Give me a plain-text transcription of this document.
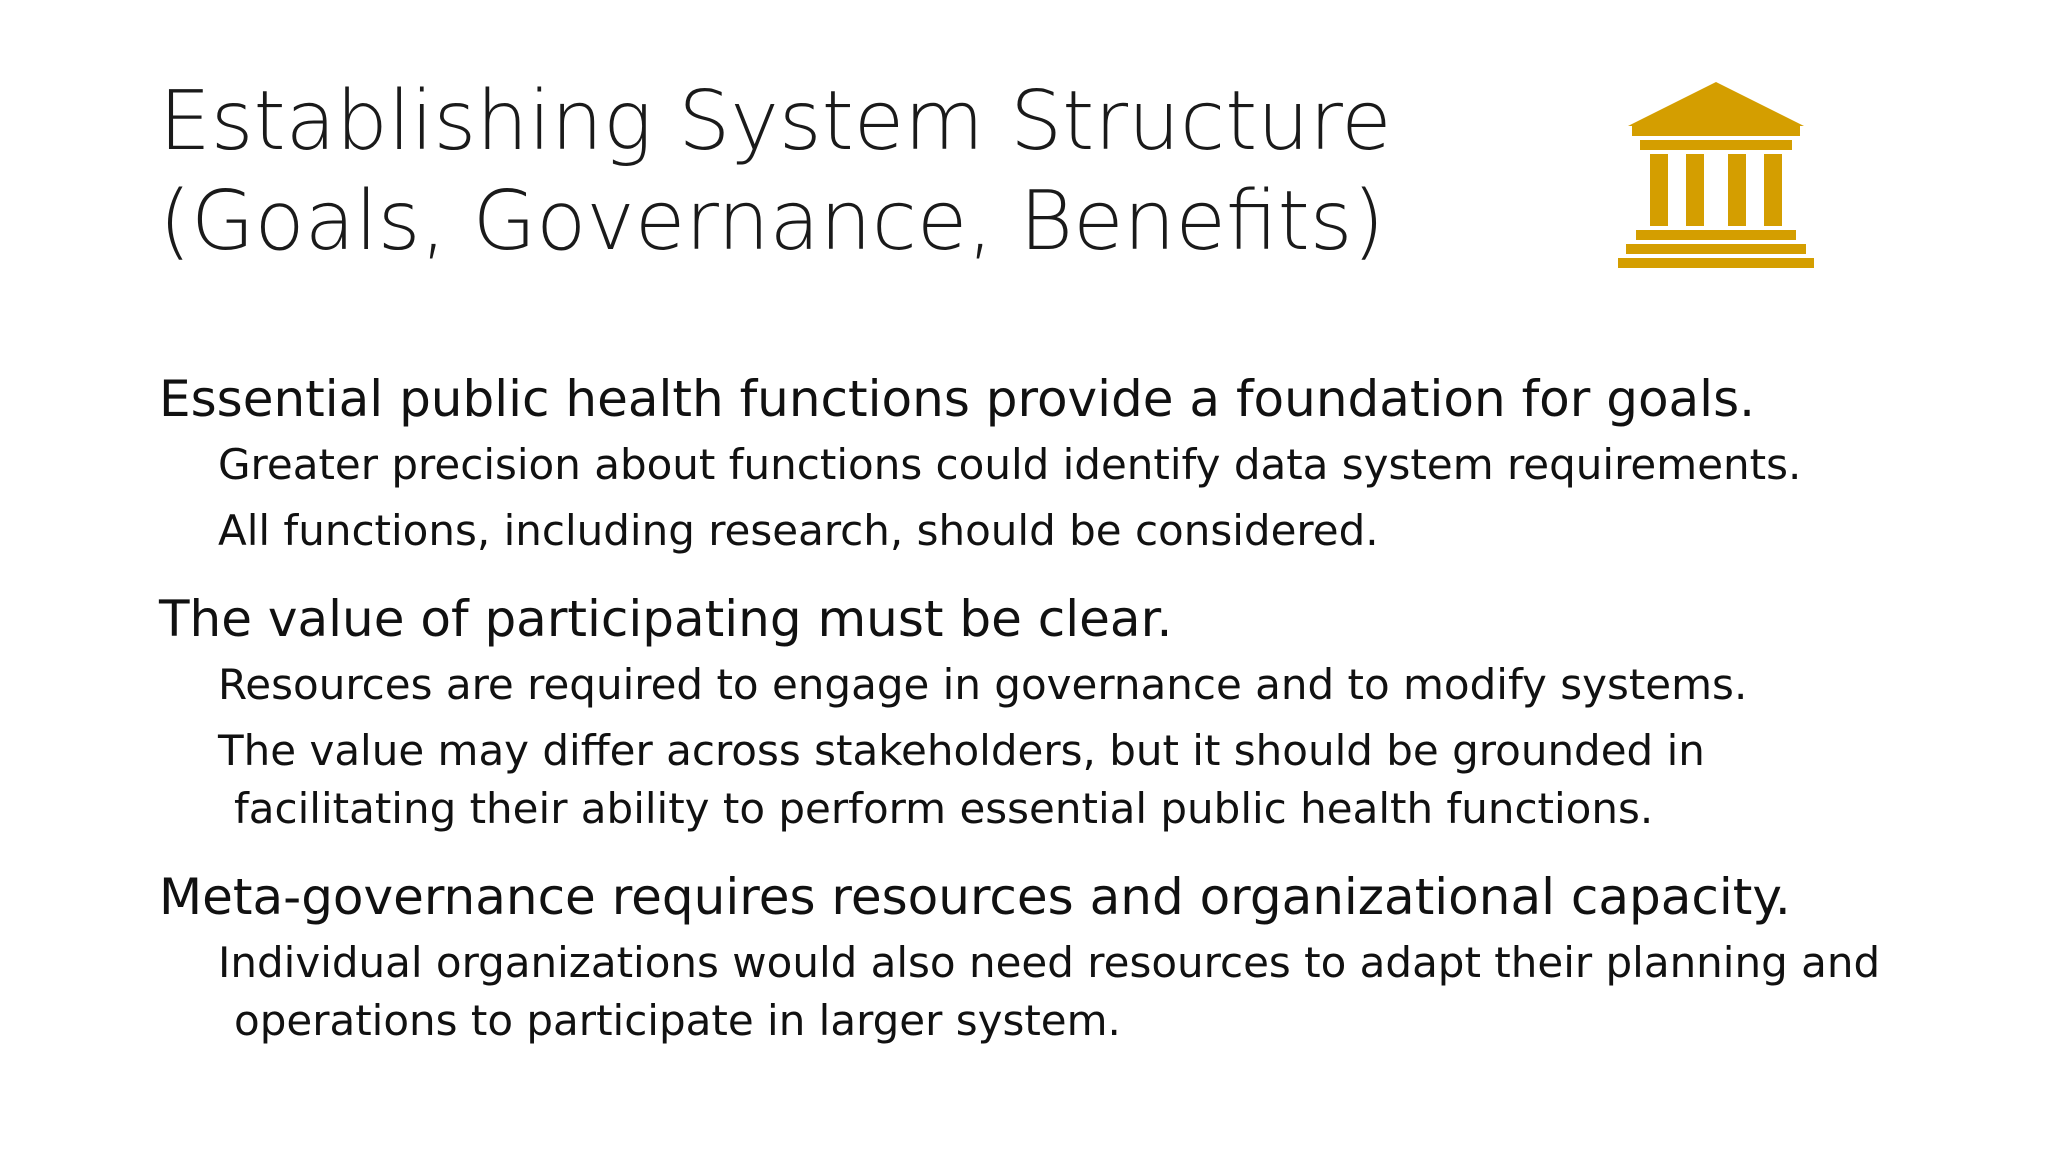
Establishing System Structure
(Goals, Governance, Benefits)
Essential public health functions provide a foundation for goals.
Greater precision about functions could identify data system requirements.
All functions, including research, should be considered.
The value of participating must be clear.
Resources are required to engage in governance and to modify systems.
The value may differ across stakeholders, but it should be grounded in
facilitating their ability to perform essential public health functions.
Meta-governance requires resources and organizational capacity.
Individual organizations would also need resources to adapt their planning and
operations to participate in larger system.
